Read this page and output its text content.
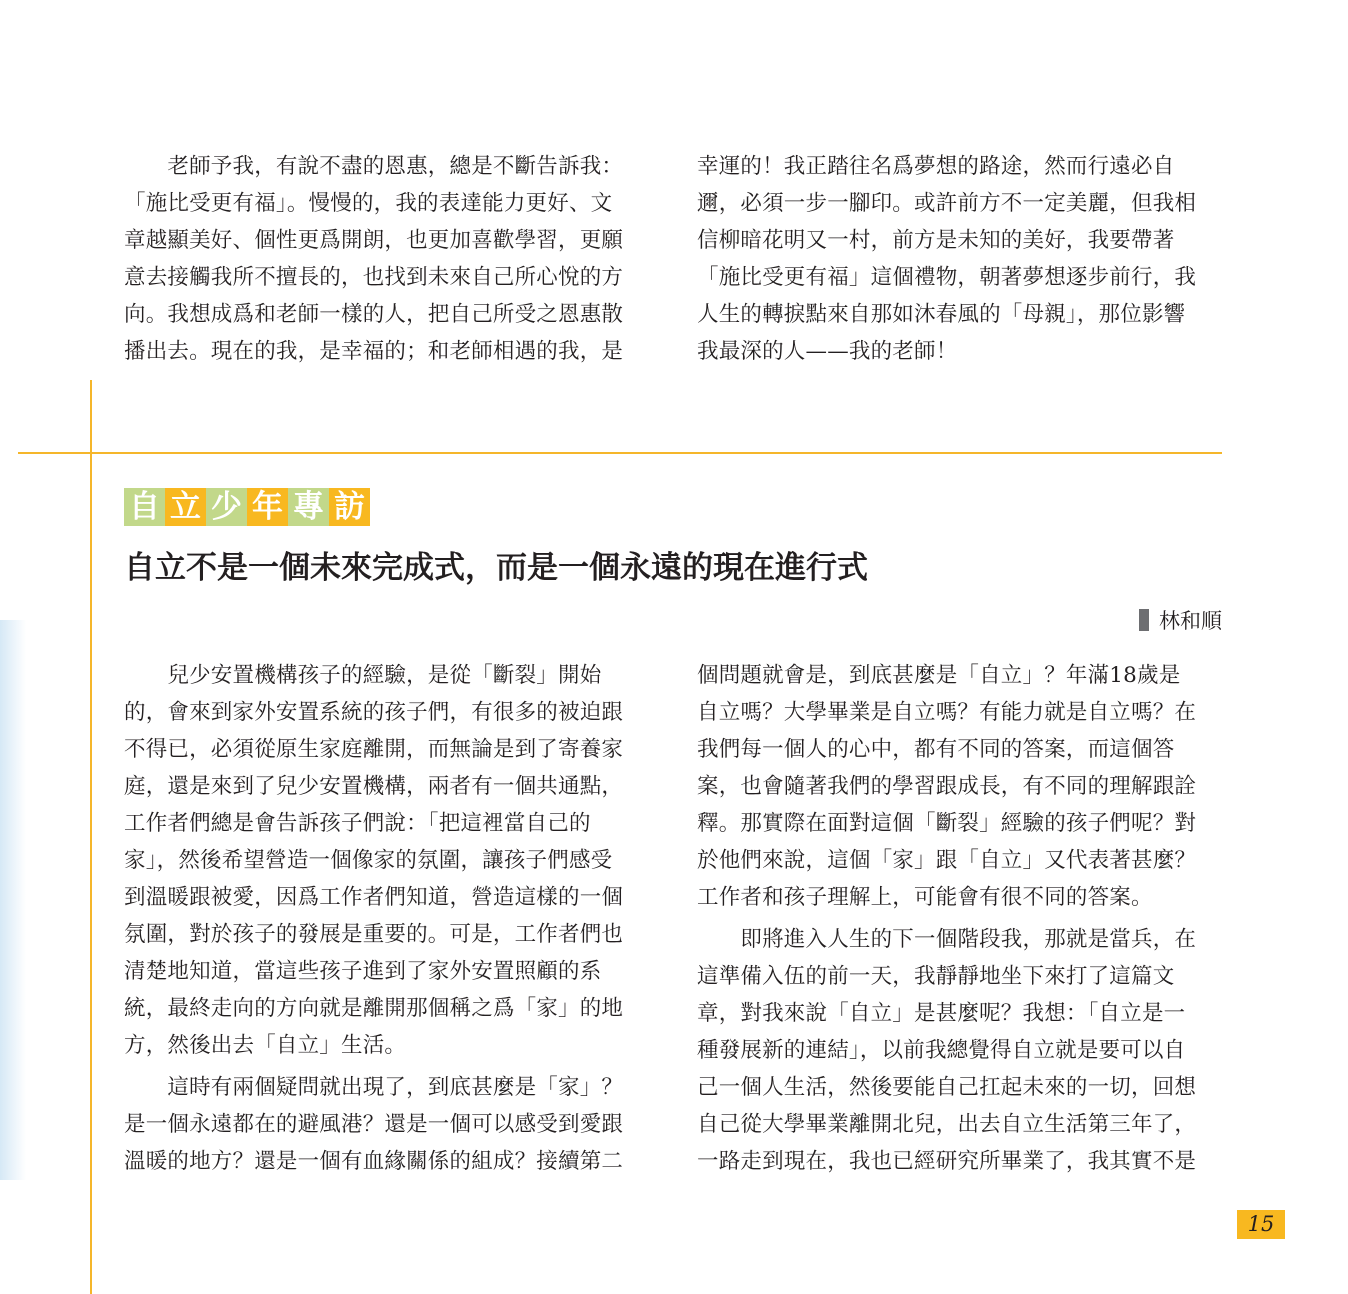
　　老師予我，有說不盡的恩惠，總是不斷告訴我：
「施比受更有福」。慢慢的，我的表達能力更好、文
章越顯美好、個性更爲開朗，也更加喜歡學習，更願
意去接觸我所不擅長的，也找到未來自己所心悅的方
向。我想成爲和老師一樣的人，把自己所受之恩惠散
播出去。現在的我，是幸福的；和老師相遇的我，是

幸運的！我正踏往名爲夢想的路途，然而行遠必自
邇，必須一步一腳印。或許前方不一定美麗，但我相
信柳暗花明又一村，前方是未知的美好，我要帶著
「施比受更有福」這個禮物，朝著夢想逐步前行，我
人生的轉捩點來自那如沐春風的「母親」，那位影響
我最深的人——我的老師！

自 立 少 年 專 訪
自立不是一個未來完成式，而是一個永遠的現在進行式
林和順

　　兒少安置機構孩子的經驗，是從「斷裂」開始
的，會來到家外安置系統的孩子們，有很多的被迫跟
不得已，必須從原生家庭離開，而無論是到了寄養家
庭，還是來到了兒少安置機構，兩者有一個共通點，
工作者們總是會告訴孩子們說：「把這裡當自己的
家」，然後希望營造一個像家的氛圍，讓孩子們感受
到溫暖跟被愛，因爲工作者們知道，營造這樣的一個
氛圍，對於孩子的發展是重要的。可是，工作者們也
清楚地知道，當這些孩子進到了家外安置照顧的系
統，最終走向的方向就是離開那個稱之爲「家」的地
方，然後出去「自立」生活。

　　這時有兩個疑問就出現了，到底甚麼是「家」？
是一個永遠都在的避風港？還是一個可以感受到愛跟
溫暖的地方？還是一個有血緣關係的組成？接續第二

個問題就會是，到底甚麼是「自立」？年滿18歲是
自立嗎？大學畢業是自立嗎？有能力就是自立嗎？在
我們每一個人的心中，都有不同的答案，而這個答
案，也會隨著我們的學習跟成長，有不同的理解跟詮
釋。那實際在面對這個「斷裂」經驗的孩子們呢？對
於他們來說，這個「家」跟「自立」又代表著甚麼？
工作者和孩子理解上，可能會有很不同的答案。

　　即將進入人生的下一個階段我，那就是當兵，在
這準備入伍的前一天，我靜靜地坐下來打了這篇文
章，對我來說「自立」是甚麼呢？我想：「自立是一
種發展新的連結」，以前我總覺得自立就是要可以自
己一個人生活，然後要能自己扛起未來的一切，回想
自己從大學畢業離開北兒，出去自立生活第三年了，
一路走到現在，我也已經研究所畢業了，我其實不是

15
